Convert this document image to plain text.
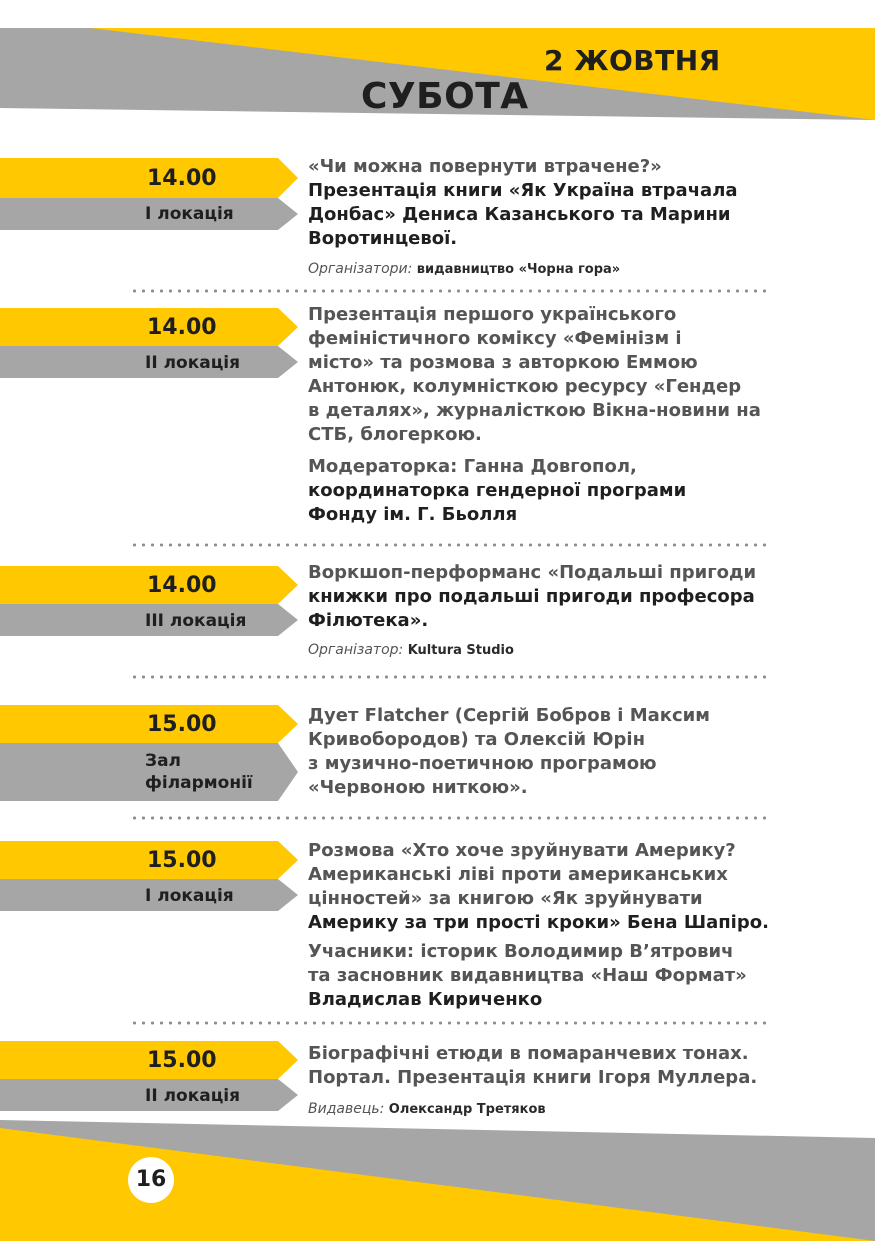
2 ЖОВТНЯ
СУБОТА
14.00
І локація
«Чи можна повернути втрачене?»
Презентація книги «Як Україна втрачала
Донбас» Дениса Казанського та Марини
Воротинцевої.
Організатори: видавництво «Чорна гора»
14.00
ІІ локація
Презентація першого українського
феміністичного коміксу «Фемінізм і
місто» та розмова з авторкою Еммою
Антонюк, колумністкою ресурсу «Гендер
в деталях», журналісткою Вікна-новини на
СТБ, блогеркою.
Модераторка: Ганна Довгопол,
координаторка гендерної програми
Фонду ім. Г. Бьолля
14.00
ІІІ локація
Воркшоп-перформанс «Подальші пригоди
книжки про подальші пригоди професора
Філютека».
Організатор: Kultura Studio
15.00
Зал
філармонії
Дует Flatcher (Сергій Бобров і Максим
Кривобородов) та Олексій Юрін
з музично-поетичною програмою
«Червоною ниткою».
15.00
І локація
Розмова «Хто хоче зруйнувати Америку?
Американські ліві проти американських
цінностей» за книгою «Як зруйнувати
Америку за три прості кроки» Бена Шапіро.
Учасники: історик Володимир В’ятрович
та засновник видавництва «Наш Формат»
Владислав Кириченко
15.00
ІІ локація
Біографічні етюди в помаранчевих тонах.
Портал. Презентація книги Ігоря Муллера.
Видавець: Олександр Третяков
16
